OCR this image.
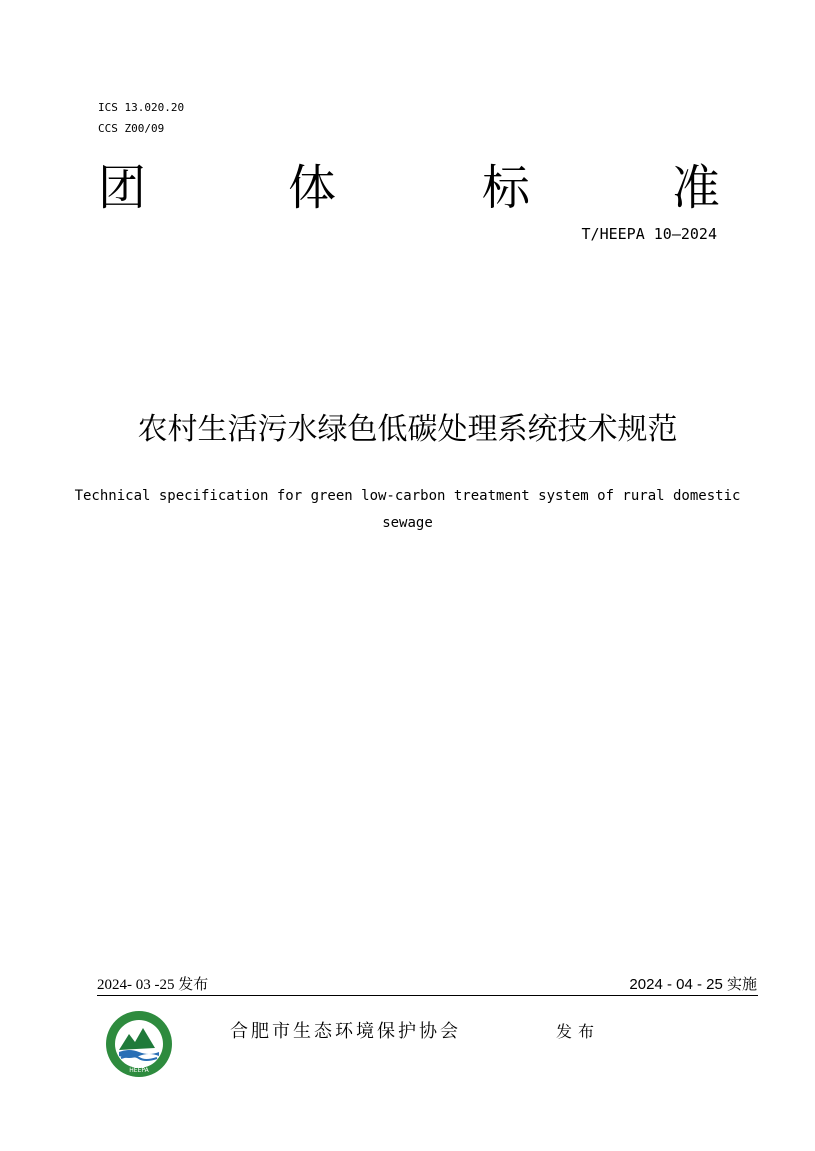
ICS 13.020.20
CCS Z00/09
团	体	标	准
T/HEEPA 10—2024
农村生活污水绿色低碳处理系统技术规范
Technical specification for green low-carbon treatment system of rural domestic sewage
2024- 03 -25 发布	2024 - 04 - 25 实施
HEEPA
合肥市生态环境保护协会	发布
